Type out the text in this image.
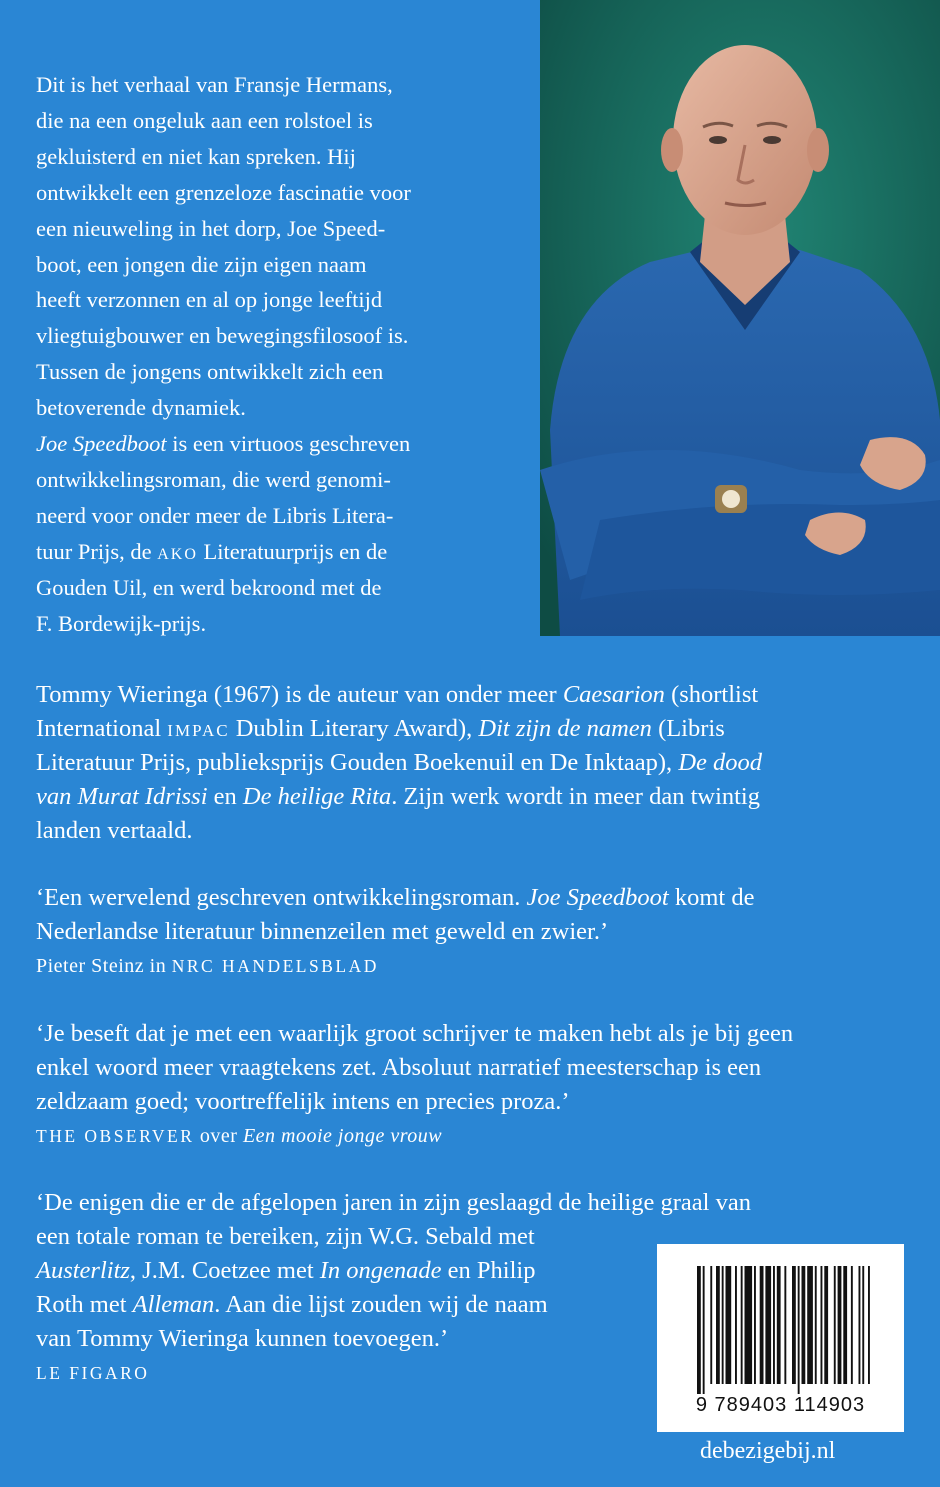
Dit is het verhaal van Fransje Hermans,

die na een ongeluk aan een rolstoel is

gekluisterd en niet kan spreken. Hij

ontwikkelt een grenzeloze fascinatie voor

een nieuweling in het dorp, Joe Speed-

boot, een jongen die zijn eigen naam

heeft verzonnen en al op jonge leeftijd

vliegtuigbouwer en bewegingsfilosoof is.

Tussen de jongens ontwikkelt zich een

betoverende dynamiek.

Joe Speedboot is een virtuoos geschreven

ontwikkelingsroman, die werd genomi-

neerd voor onder meer de Libris Litera-

tuur Prijs, de ako Literatuurprijs en de

Gouden Uil, en werd bekroond met de

F. Bordewijk-prijs.

Tommy Wieringa (1967) is de auteur van onder meer Caesarion (shortlist

International impac Dublin Literary Award), Dit zijn de namen (Libris

Literatuur Prijs, publieksprijs Gouden Boekenuil en De Inktaap), De dood

van Murat Idrissi en De heilige Rita. Zijn werk wordt in meer dan twintig

landen vertaald.

‘Een wervelend geschreven ontwikkelingsroman. Joe Speedboot komt de

Nederlandse literatuur binnenzeilen met geweld en zwier.’

Pieter Steinz in NRC HANDELSBLAD

‘Je beseft dat je met een waarlijk groot schrijver te maken hebt als je bij geen

enkel woord meer vraagtekens zet. Absoluut narratief meesterschap is een

zeldzaam goed; voortreffelijk intens en precies proza.’

THE OBSERVER over Een mooie jonge vrouw

‘De enigen die er de afgelopen jaren in zijn geslaagd de heilige graal van

een totale roman te bereiken, zijn W.G. Sebald met

Austerlitz, J.M. Coetzee met In ongenade en Philip

Roth met Alleman. Aan die lijst zouden wij de naam

van Tommy Wieringa kunnen toevoegen.’

LE FIGARO

9 789403 114903
debezigebij.nl
